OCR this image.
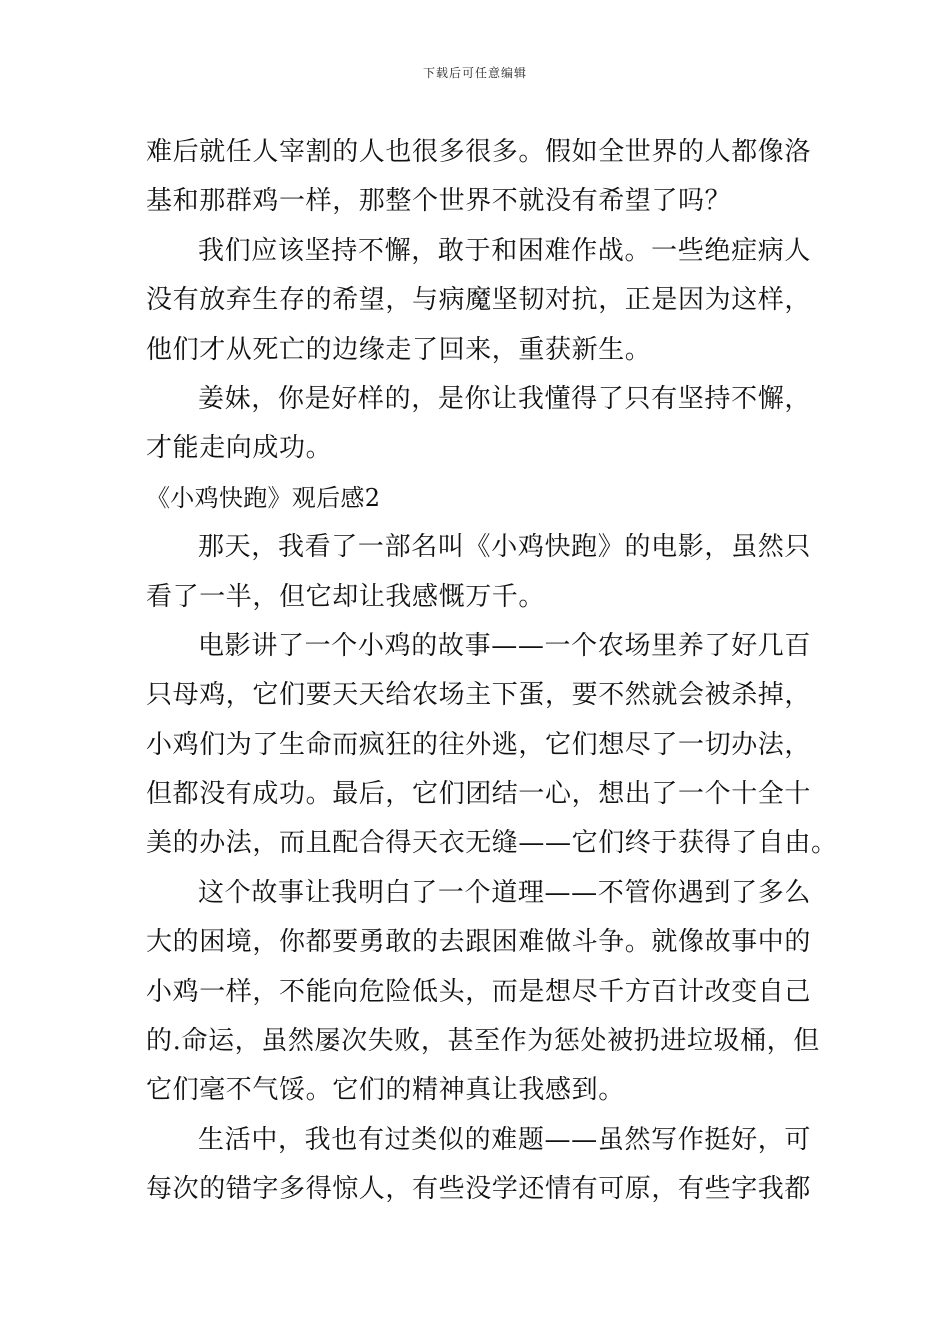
下载后可任意编辑
难后就任人宰割的人也很多很多。假如全世界的人都像洛
基和那群鸡一样，那整个世界不就没有希望了吗？
我们应该坚持不懈，敢于和困难作战。一些绝症病人
没有放弃生存的希望，与病魔坚韧对抗，正是因为这样，
他们才从死亡的边缘走了回来，重获新生。
姜妹，你是好样的，是你让我懂得了只有坚持不懈，
才能走向成功。
《小鸡快跑》观后感2
那天，我看了一部名叫《小鸡快跑》的电影，虽然只
看了一半，但它却让我感慨万千。
电影讲了一个小鸡的故事——一个农场里养了好几百
只母鸡，它们要天天给农场主下蛋，要不然就会被杀掉，
小鸡们为了生命而疯狂的往外逃，它们想尽了一切办法，
但都没有成功。最后，它们团结一心，想出了一个十全十
美的办法，而且配合得天衣无缝——它们终于获得了自由。
这个故事让我明白了一个道理——不管你遇到了多么
大的困境，你都要勇敢的去跟困难做斗争。就像故事中的
小鸡一样，不能向危险低头，而是想尽千方百计改变自己
的.命运，虽然屡次失败，甚至作为惩处被扔进垃圾桶，但
它们毫不气馁。它们的精神真让我感到。
生活中，我也有过类似的难题——虽然写作挺好，可
每次的错字多得惊人，有些没学还情有可原，有些字我都
